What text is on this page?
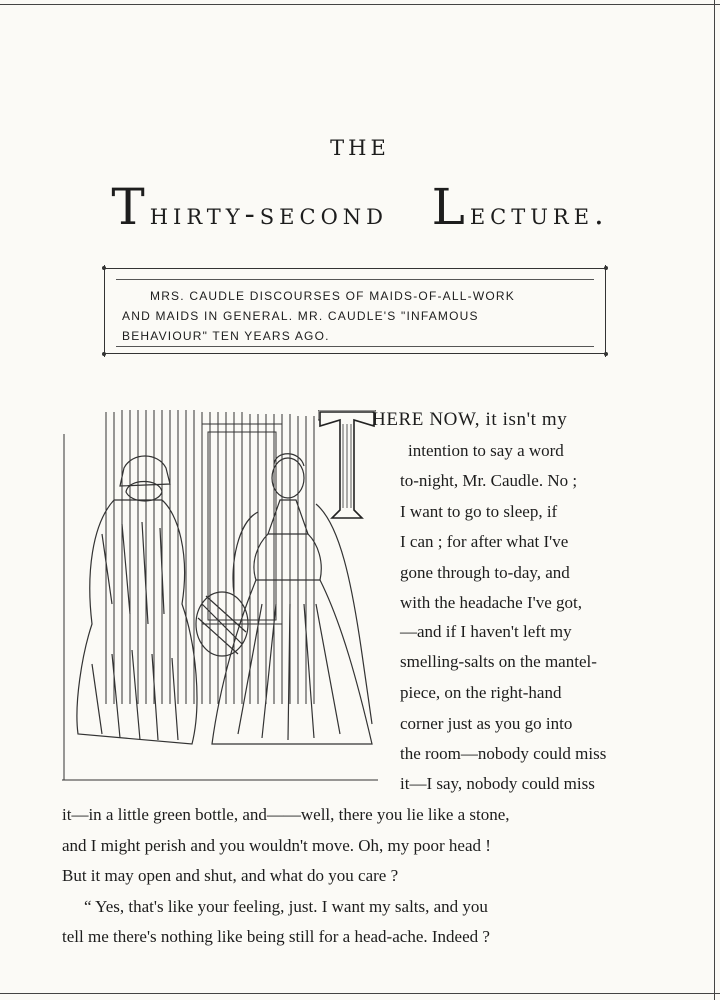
THE
Thirty-second Lecture.
MRS. CAUDLE DISCOURSES OF MAIDS-OF-ALL-WORK
AND MAIDS IN GENERAL. MR. CAUDLE'S "INFAMOUS
BEHAVIOUR" TEN YEARS AGO.
HERE NOW, it isn't my
intention to say a word
to-night, Mr. Caudle. No ;
I want to go to sleep, if
I can ; for after what I've
gone through to-day, and
with the headache I've got,
—and if I haven't left my
smelling-salts on the mantel-
piece, on the right-hand
corner just as you go into
the room—nobody could miss
it—I say, nobody could miss
it—in a little green bottle, and——well, there you lie like a stone,
and I might perish and you wouldn't move. Oh, my poor head !
But it may open and shut, and what do you care ?
“ Yes, that's like your feeling, just. I want my salts, and you
tell me there's nothing like being still for a head-ache. Indeed ?
